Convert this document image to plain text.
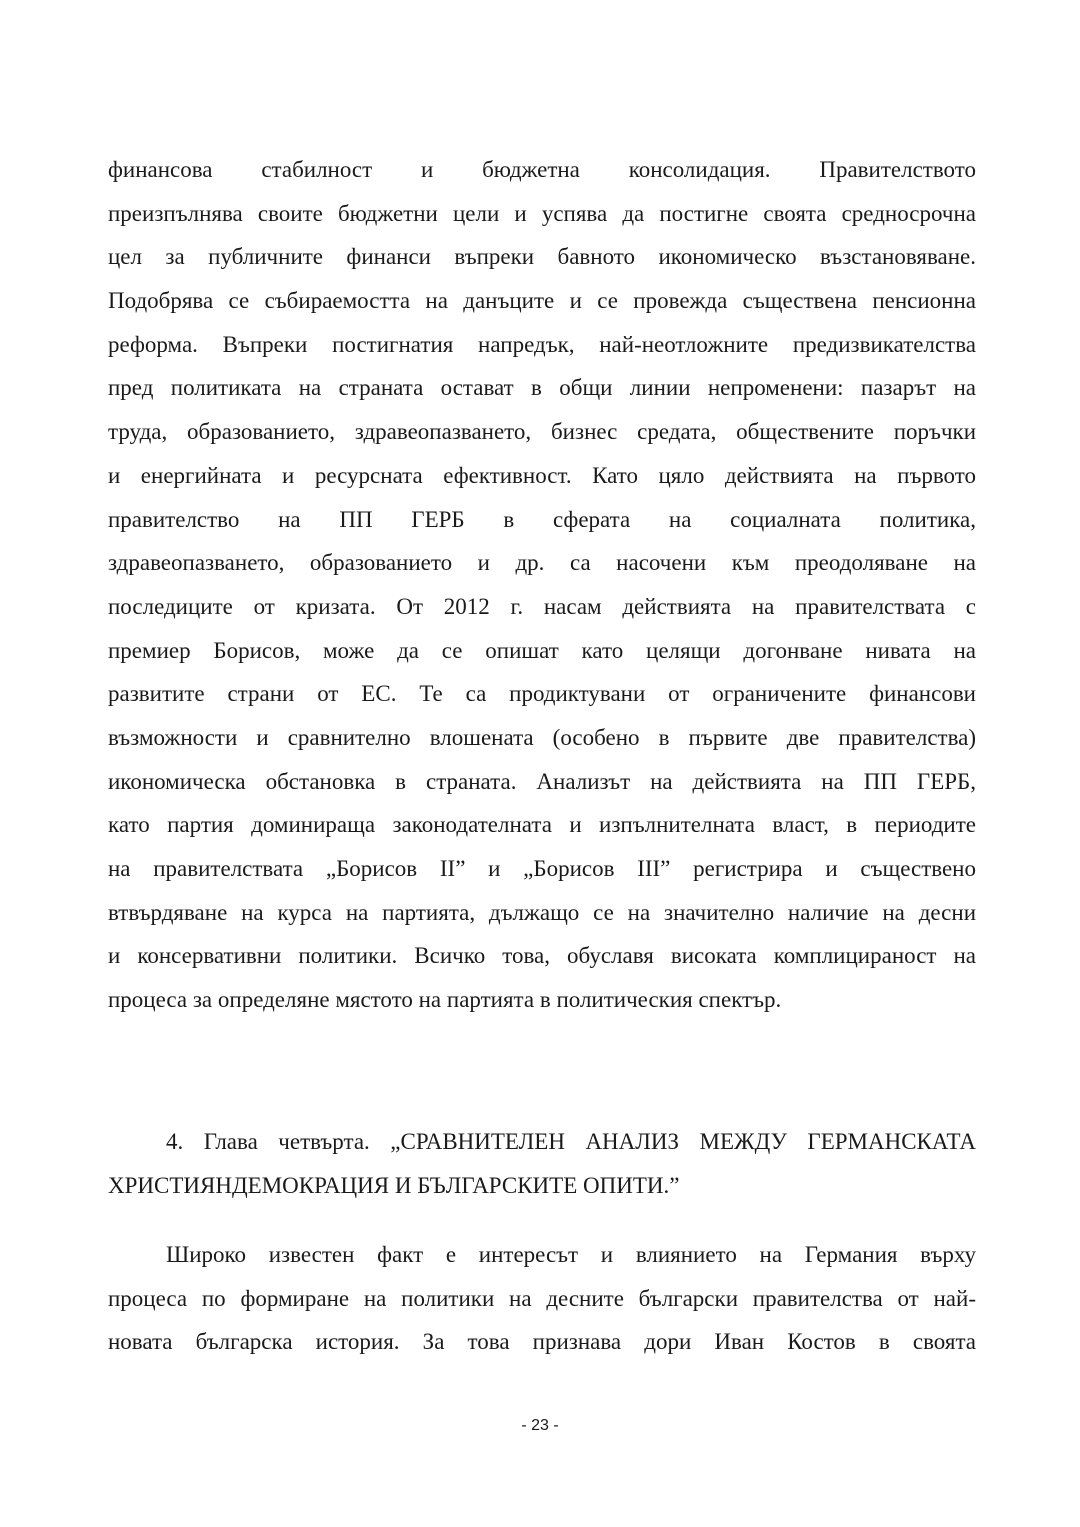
финансова стабилност и бюджетна консолидация. Правителството
преизпълнява своите бюджетни цели и успява да постигне своята средносрочна
цел за публичните финанси въпреки бавното икономическо възстановяване.
Подобрява се събираемостта на данъците и се провежда съществена пенсионна
реформа. Въпреки постигнатия напредък, най-неотложните предизвикателства
пред политиката на страната остават в общи линии непроменени: пазарът на
труда, образованието, здравеопазването, бизнес средата, обществените поръчки
и енергийната и ресурсната ефективност. Като цяло действията на първото
правителство на ПП ГЕРБ в сферата на социалната политика,
здравеопазването, образованието и др. са насочени към преодоляване на
последиците от кризата. От 2012 г. насам действията на правителствата с
премиер Борисов, може да се опишат като целящи догонване нивата на
развитите страни от ЕС. Те са продиктувани от ограничените финансови
възможности и сравнително влошената (особено в първите две правителства)
икономическа обстановка в страната. Анализът на действията на ПП ГЕРБ,
като партия доминираща законодателната и изпълнителната власт, в периодите
на правителствата „Борисов II” и „Борисов III” регистрира и съществено
втвърдяване на курса на партията, дължащо се на значително наличие на десни
и консервативни политики. Всичко това, обуславя високата комплицираност на
процеса за определяне мястото на партията в политическия спектър.
4. Глава четвърта. „СРАВНИТЕЛЕН АНАЛИЗ МЕЖДУ ГЕРМАНСКАТА
ХРИСТИЯНДЕМОКРАЦИЯ И БЪЛГАРСКИТЕ ОПИТИ.”
Широко известен факт е интересът и влиянието на Германия върху
процеса по формиране на политики на десните български правителства от най-
новата българска история. За това признава дори Иван Костов в своята
- 23 -
